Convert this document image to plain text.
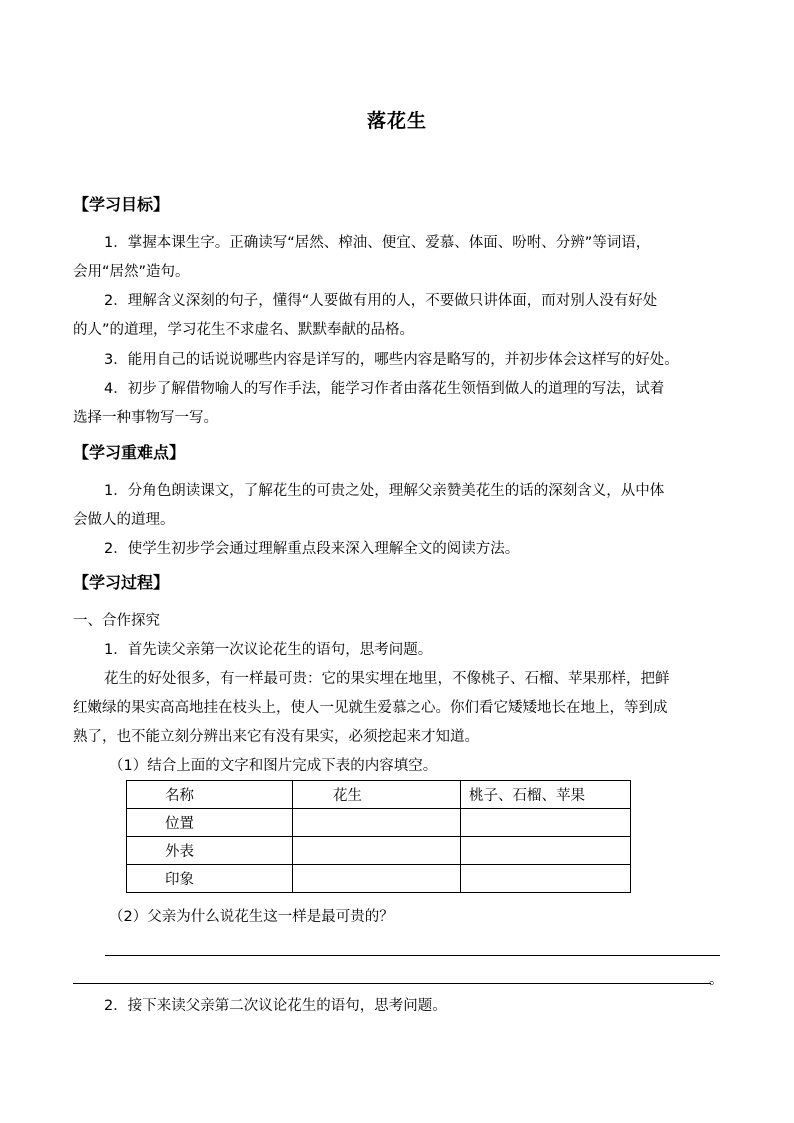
落花生
【学习目标】
1．掌握本课生字。正确读写“居然、榨油、便宜、爱慕、体面、吩咐、分辨”等词语，
会用“居然”造句。
2．理解含义深刻的句子，懂得“人要做有用的人，不要做只讲体面，而对别人没有好处
的人”的道理，学习花生不求虚名、默默奉献的品格。
3．能用自己的话说说哪些内容是详写的，哪些内容是略写的，并初步体会这样写的好处。
4．初步了解借物喻人的写作手法，能学习作者由落花生领悟到做人的道理的写法，试着
选择一种事物写一写。
【学习重难点】
1．分角色朗读课文，了解花生的可贵之处，理解父亲赞美花生的话的深刻含义，从中体
会做人的道理。
2．使学生初步学会通过理解重点段来深入理解全文的阅读方法。
【学习过程】
一、合作探究
1．首先读父亲第一次议论花生的语句，思考问题。
花生的好处很多，有一样最可贵：它的果实埋在地里，不像桃子、石榴、苹果那样，把鲜
红嫩绿的果实高高地挂在枝头上，使人一见就生爱慕之心。你们看它矮矮地长在地上，等到成
熟了，也不能立刻分辨出来它有没有果实，必须挖起来才知道。
（1）结合上面的文字和图片完成下表的内容填空。
名称	花生	桃子、石榴、苹果
位置		
外表		
印象		
（2）父亲为什么说花生这一样是最可贵的？
。
2．接下来读父亲第二次议论花生的语句，思考问题。
